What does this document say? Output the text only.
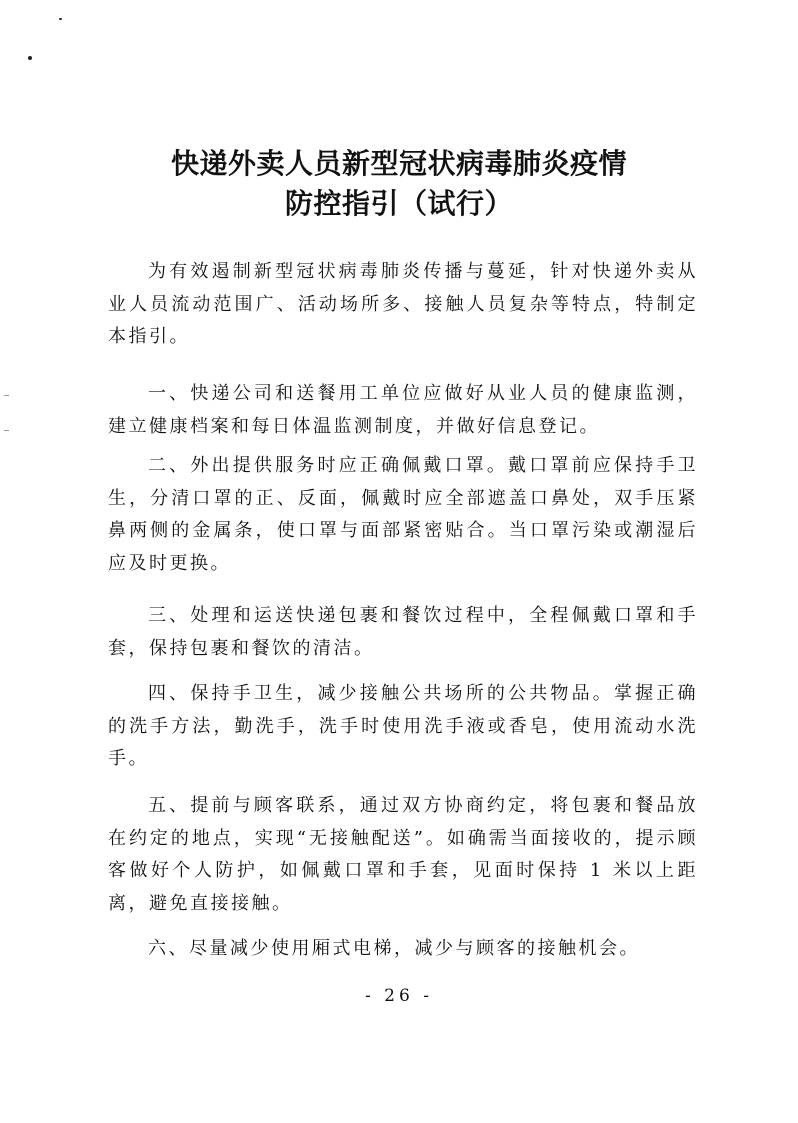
快递外卖人员新型冠状病毒肺炎疫情
防控指引（试行）

为有效遏制新型冠状病毒肺炎传播与蔓延，针对快递外卖从业人员流动范围广、活动场所多、接触人员复杂等特点，特制定本指引。

一、快递公司和送餐用工单位应做好从业人员的健康监测，建立健康档案和每日体温监测制度，并做好信息登记。

二、外出提供服务时应正确佩戴口罩。戴口罩前应保持手卫生，分清口罩的正、反面，佩戴时应全部遮盖口鼻处，双手压紧鼻两侧的金属条，使口罩与面部紧密贴合。当口罩污染或潮湿后应及时更换。

三、处理和运送快递包裹和餐饮过程中，全程佩戴口罩和手套，保持包裹和餐饮的清洁。

四、保持手卫生，减少接触公共场所的公共物品。掌握正确的洗手方法，勤洗手，洗手时使用洗手液或香皂，使用流动水洗手。

五、提前与顾客联系，通过双方协商约定，将包裹和餐品放在约定的地点，实现“无接触配送”。如确需当面接收的，提示顾客做好个人防护，如佩戴口罩和手套，见面时保持 1 米以上距离，避免直接接触。

六、尽量减少使用厢式电梯，减少与顾客的接触机会。

- 26 -
